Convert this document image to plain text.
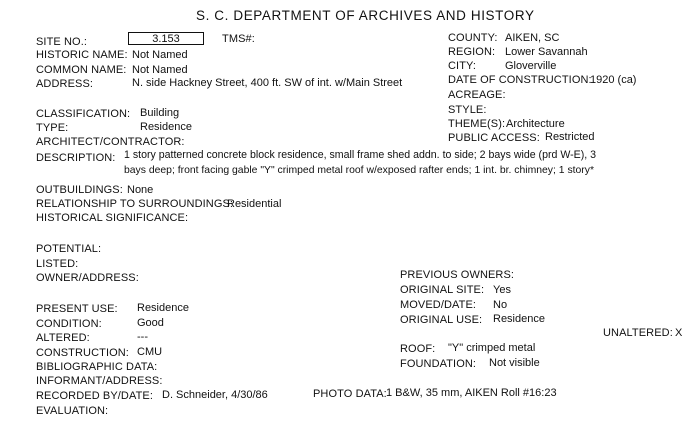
S. C. DEPARTMENT OF ARCHIVES AND HISTORY
SITE NO.:	3.153	TMS#:
HISTORIC NAME: Not Named
COMMON NAME: Not Named
ADDRESS:	N. side Hackney Street, 400 ft. SW of int. w/Main Street
CLASSIFICATION: Building
TYPE:	Residence
ARCHITECT/CONTRACTOR:
COUNTY: AIKEN, SC
REGION: Lower Savannah
CITY:	Gloverville
DATE OF CONSTRUCTION:
1920 (ca)
ACREAGE:
STYLE:
THEME(S): Architecture
PUBLIC ACCESS: Restricted
DESCRIPTION: 1 story patterned concrete block residence, small frame shed addn. to side; 2 bays wide (prd W-E), 3
bays deep; front facing gable "Y" crimped metal roof w/exposed rafter ends; 1 int. br. chimney; 1 story*
OUTBUILDINGS: None
RELATIONSHIP TO SURROUNDINGS:
Residential
HISTORICAL SIGNIFICANCE:
POTENTIAL:
LISTED:
OWNER/ADDRESS:	PREVIOUS OWNERS:
ORIGINAL SITE: Yes
MOVED/DATE: No
ORIGINAL USE: Residence
UNALTERED: X
PRESENT USE: Residence
CONDITION:	Good
ALTERED:	---
CONSTRUCTION: CMU
BIBLIOGRAPHIC DATA:
INFORMANT/ADDRESS:
RECORDED BY/DATE: D. Schneider, 4/30/86
EVALUATION:
ROOF: "Y" crimped metal
FOUNDATION: Not visible
PHOTO DATA: 1 B&W, 35 mm, AIKEN Roll #16:23
